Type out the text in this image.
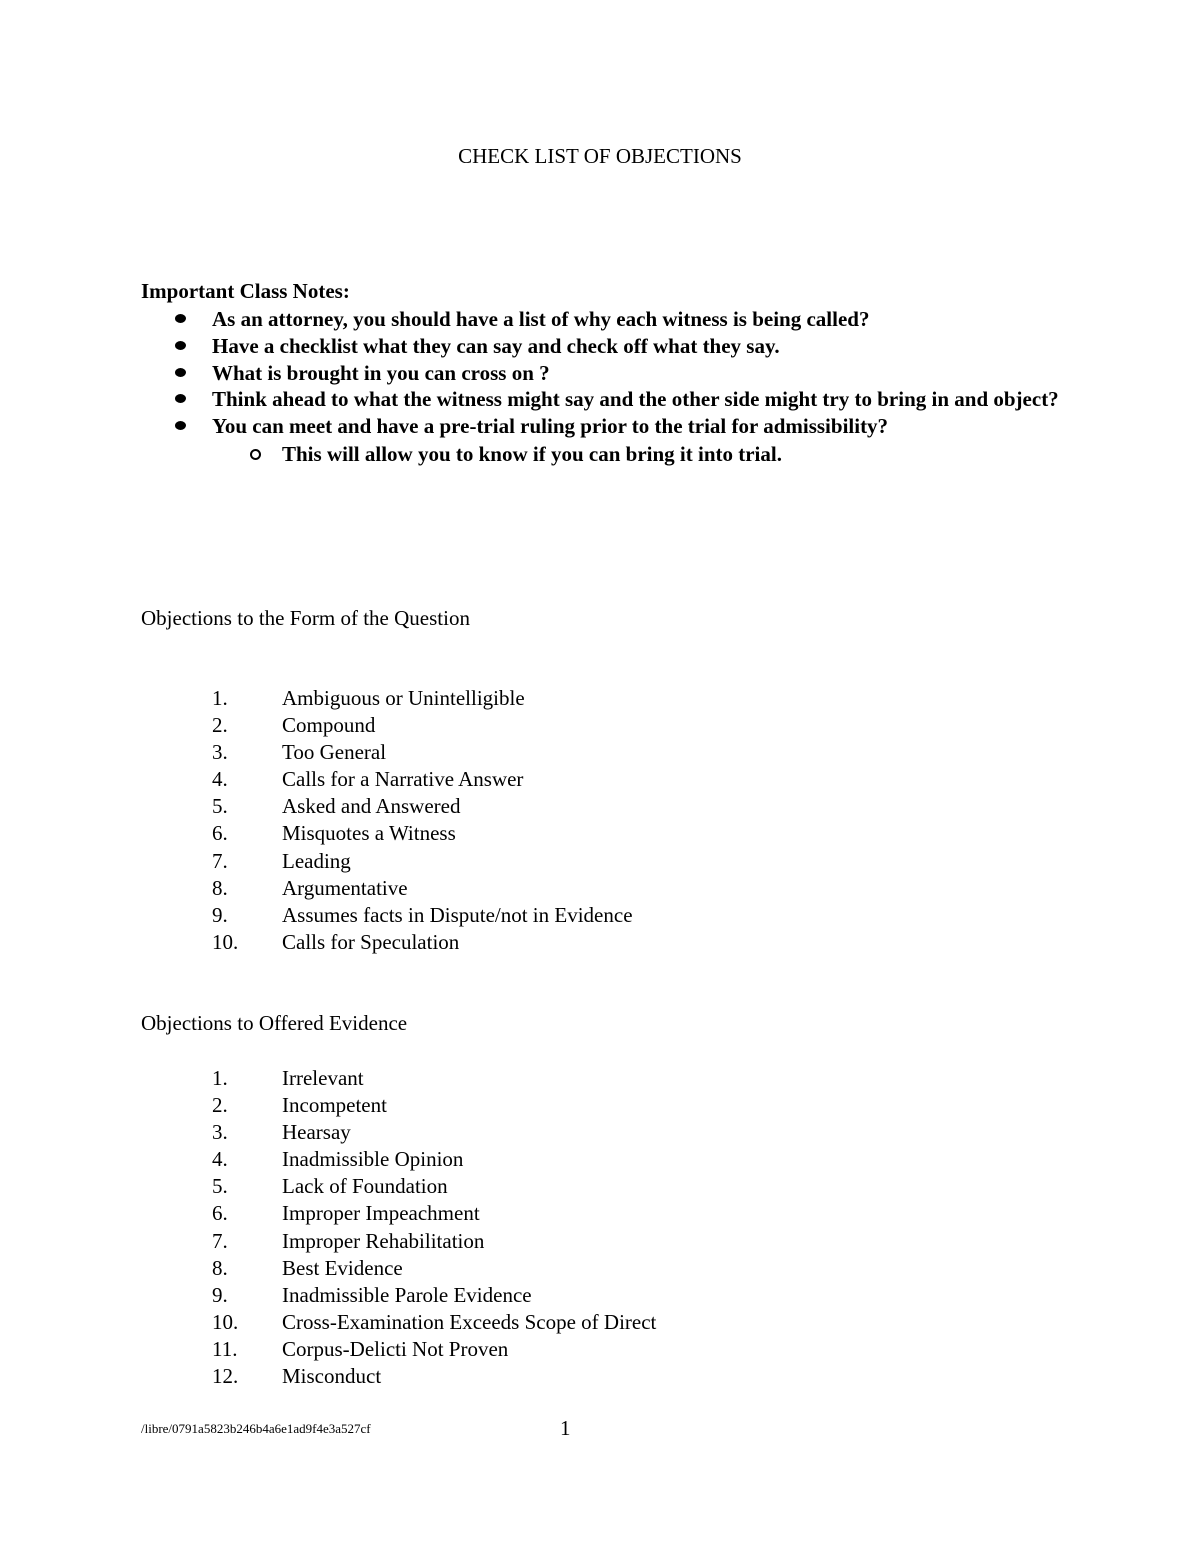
CHECK LIST OF OBJECTIONS
Important Class Notes:
As an attorney, you should have a list of why each witness is being called?
Have a checklist what they can say and check off what they say.
What is brought in you can cross on ?
Think ahead to what the witness might say and the other side might try to bring in and object?
You can meet and have a pre-trial ruling prior to the trial for admissibility?
This will allow you to know if you can bring it into trial.
Objections to the Form of the Question
1.	Ambiguous or Unintelligible
2.	Compound
3.	Too General
4.	Calls for a Narrative Answer
5.	Asked and Answered
6.	Misquotes a Witness
7.	Leading
8.	Argumentative
9.	Assumes facts in Dispute/not in Evidence
10. Calls for Speculation
Objections to Offered Evidence
1.	Irrelevant
2.	Incompetent
3.	Hearsay
4.	Inadmissible Opinion
5.	Lack of Foundation
6.	Improper Impeachment
7.	Improper Rehabilitation
8.	Best Evidence
9.	Inadmissible Parole Evidence
10. Cross-Examination Exceeds Scope of Direct
11. Corpus-Delicti Not Proven
12. Misconduct
/libre/0791a5823b246b4a6e1ad9f4e3a527cf	1
